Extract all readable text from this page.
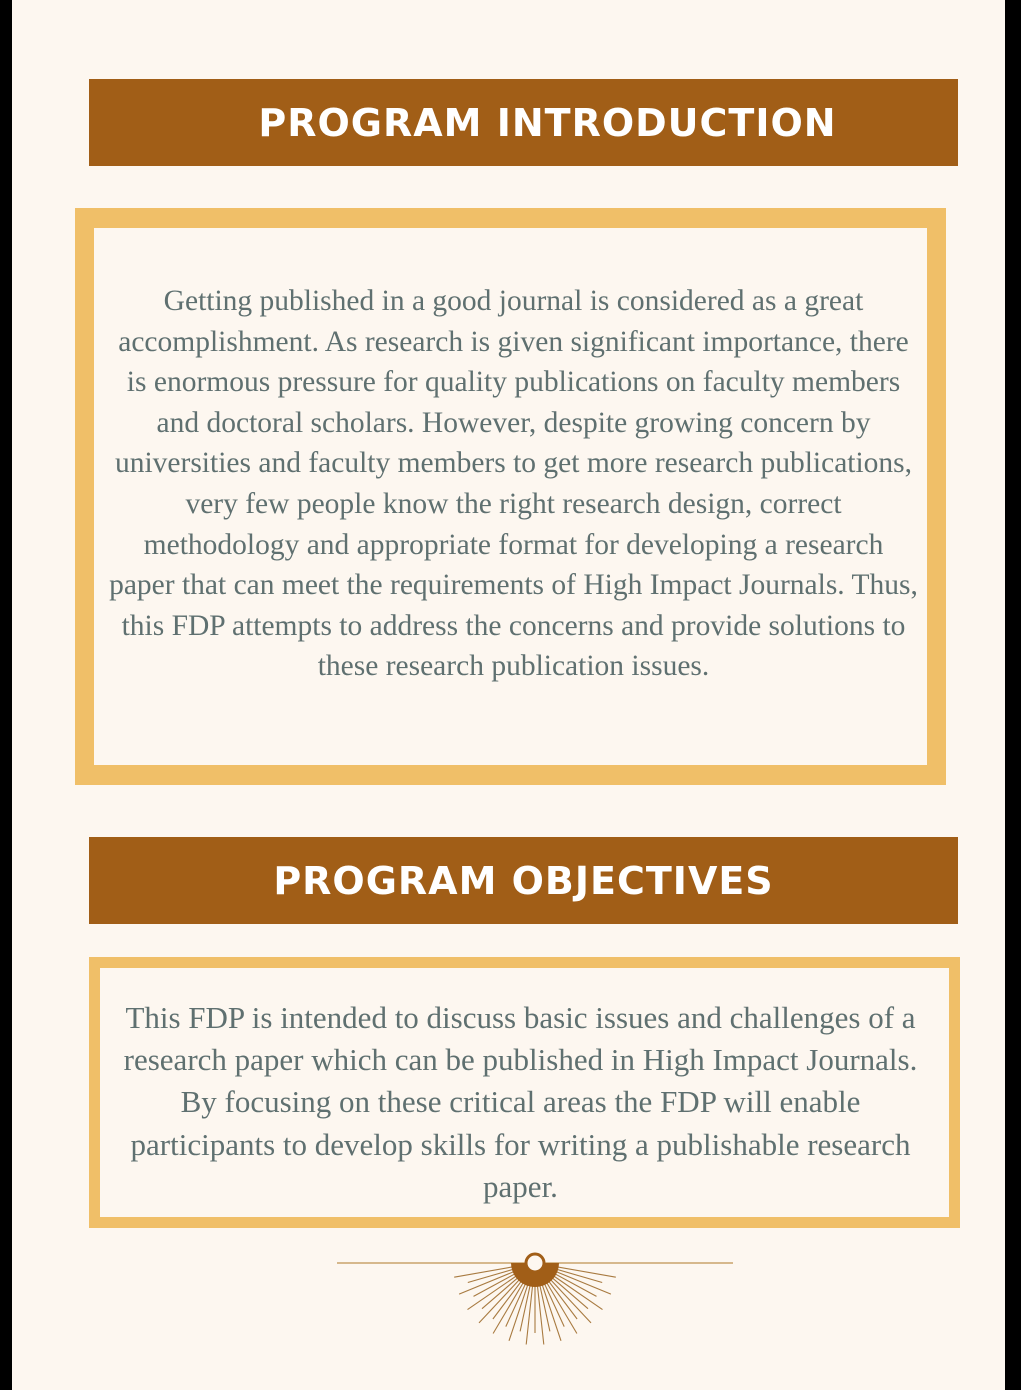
PROGRAM INTRODUCTION

Getting published in a good journal is considered as a great accomplishment. As research is given significant importance, there is enormous pressure for quality publications on faculty members and doctoral scholars. However, despite growing concern by universities and faculty members to get more research publications, very few people know the right research design, correct methodology and appropriate format for developing a research paper that can meet the requirements of High Impact Journals. Thus, this FDP attempts to address the concerns and provide solutions to these research publication issues.

PROGRAM OBJECTIVES

This FDP is intended to discuss basic issues and challenges of a research paper which can be published in High Impact Journals. By focusing on these critical areas the FDP will enable participants to develop skills for writing a publishable research paper.
